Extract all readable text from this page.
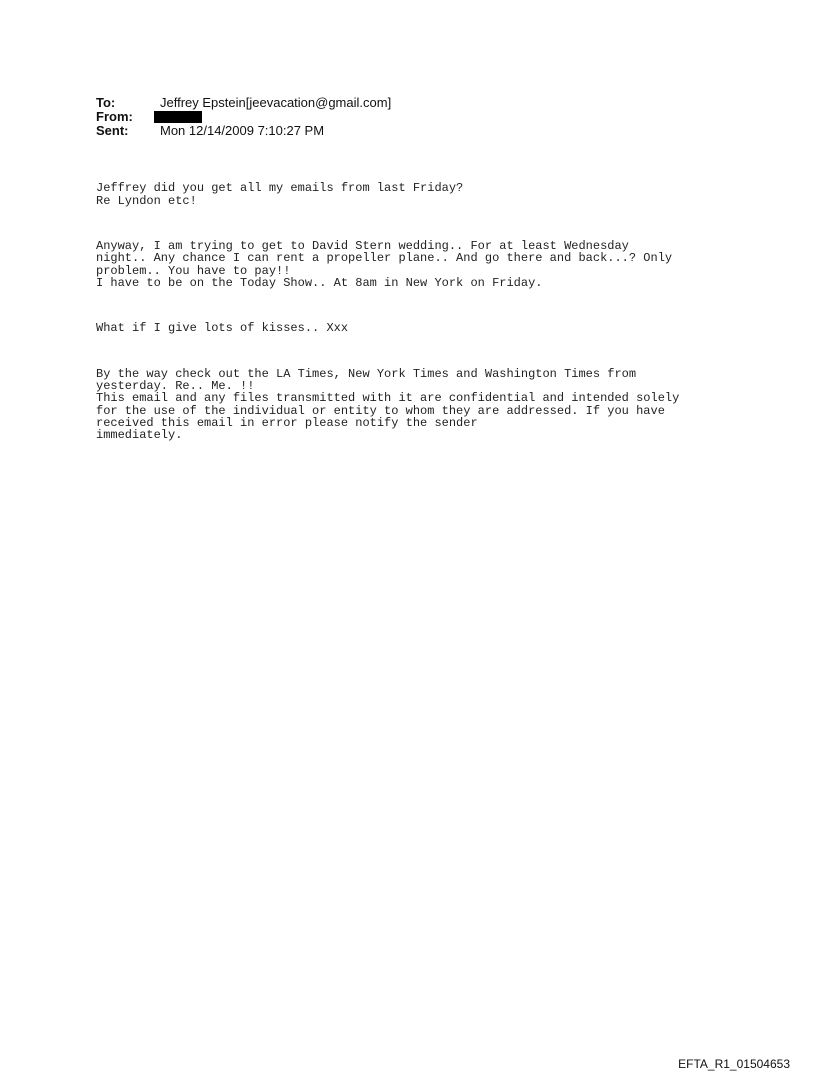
To:	Jeffrey Epstein[jeevacation@gmail.com]
From:
Sent:	Mon 12/14/2009 7:10:27 PM

Jeffrey did you get all my emails from last Friday?
Re Lyndon etc!

Anyway, I am trying to get to David Stern wedding.. For at least Wednesday
night.. Any chance I can rent a propeller plane.. And go there and back...? Only
problem.. You have to pay!!
I have to be on the Today Show.. At 8am in New York on Friday.

What if I give lots of kisses.. Xxx

By the way check out the LA Times, New York Times and Washington Times from
yesterday. Re.. Me. !!
This email and any files transmitted with it are confidential and intended solely
for the use of the individual or entity to whom they are addressed. If you have
received this email in error please notify the sender
immediately.

EFTA_R1_01504653
